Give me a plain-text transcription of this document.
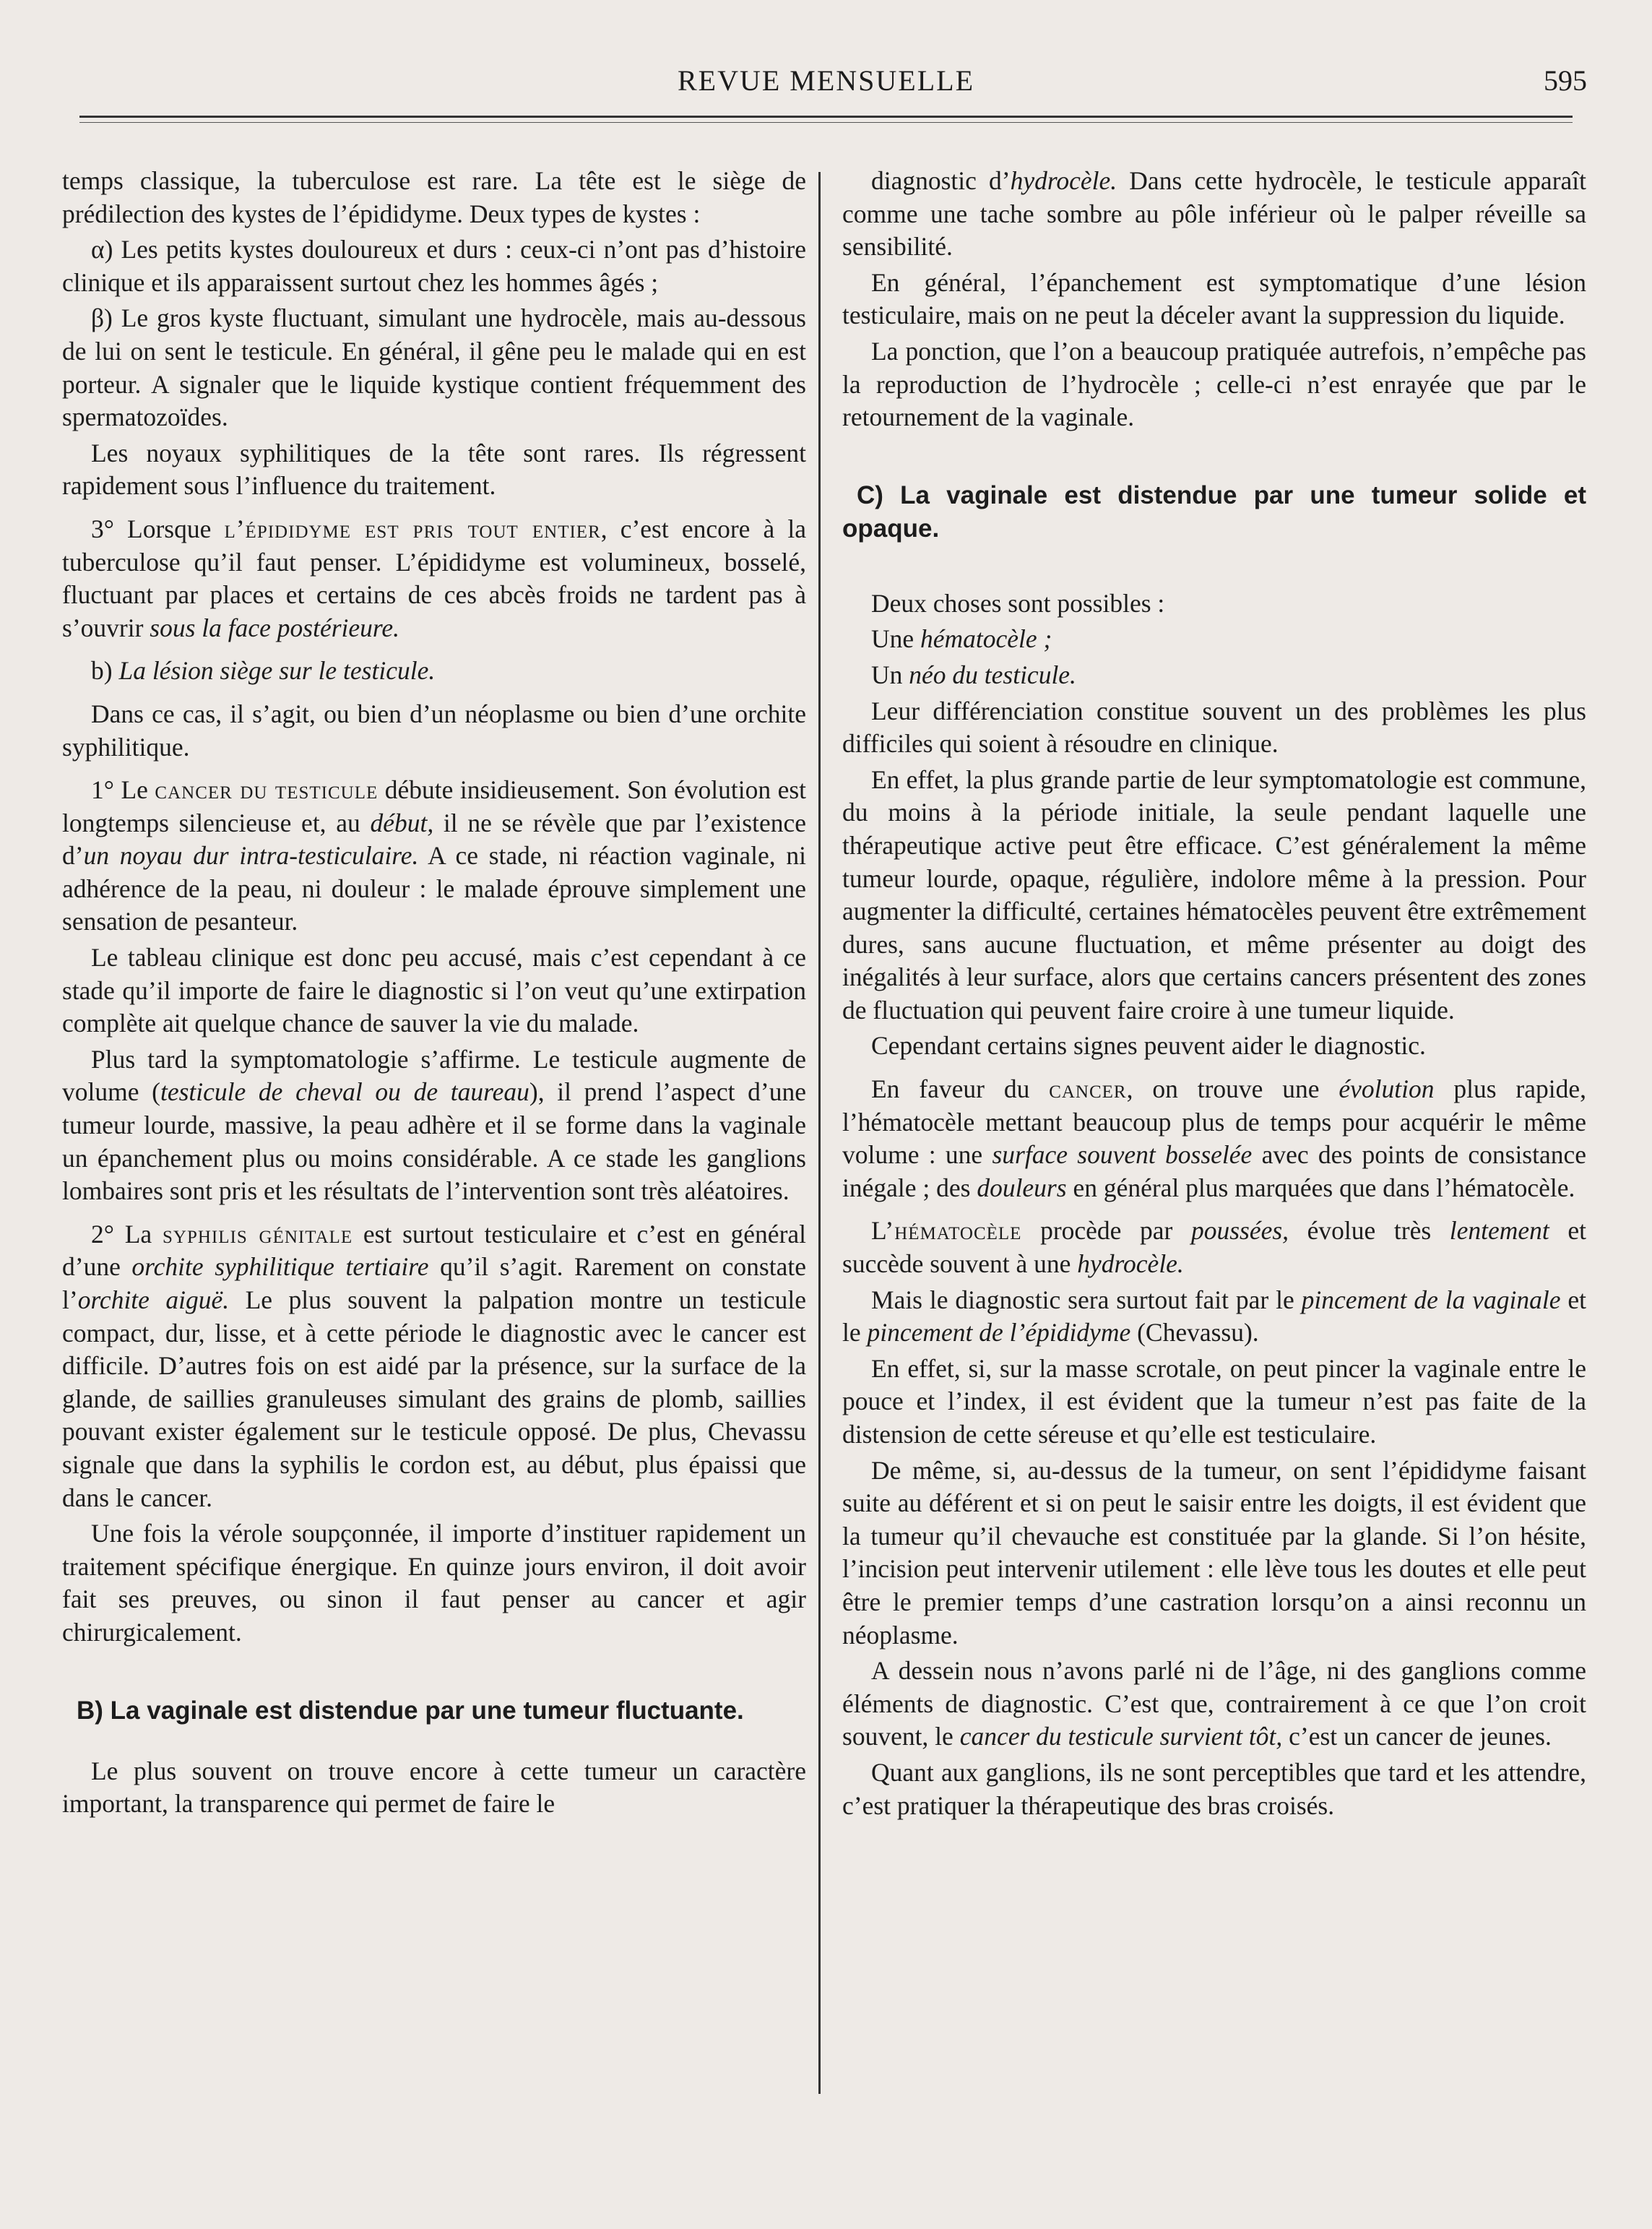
REVUE MENSUELLE	595

temps classique, la tuberculose est rare. La tête est le siège de prédilection des kystes de l’épididyme. Deux types de kystes :

α) Les petits kystes douloureux et durs : ceux-ci n’ont pas d’histoire clinique et ils apparaissent surtout chez les hommes âgés ;

β) Le gros kyste fluctuant, simulant une hydrocèle, mais au-dessous de lui on sent le testicule. En général, il gêne peu le malade qui en est porteur. A signaler que le liquide kystique contient fréquemment des spermatozoïdes.

Les noyaux syphilitiques de la tête sont rares. Ils régressent rapidement sous l’influence du traitement.

3° Lorsque l’épididyme est pris tout entier, c’est encore à la tuberculose qu’il faut penser. L’épididyme est volumineux, bosselé, fluctuant par places et certains de ces abcès froids ne tardent pas à s’ouvrir sous la face postérieure.

b) La lésion siège sur le testicule.

Dans ce cas, il s’agit, ou bien d’un néoplasme ou bien d’une orchite syphilitique.

1° Le cancer du testicule débute insidieusement. Son évolution est longtemps silencieuse et, au début, il ne se révèle que par l’existence d’un noyau dur intra-testiculaire. A ce stade, ni réaction vaginale, ni adhérence de la peau, ni douleur : le malade éprouve simplement une sensation de pesanteur.

Le tableau clinique est donc peu accusé, mais c’est cependant à ce stade qu’il importe de faire le diagnostic si l’on veut qu’une extirpation complète ait quelque chance de sauver la vie du malade.

Plus tard la symptomatologie s’affirme. Le testicule augmente de volume (testicule de cheval ou de taureau), il prend l’aspect d’une tumeur lourde, massive, la peau adhère et il se forme dans la vaginale un épanchement plus ou moins considérable. A ce stade les ganglions lombaires sont pris et les résultats de l’intervention sont très aléatoires.

2° La syphilis génitale est surtout testiculaire et c’est en général d’une orchite syphilitique tertiaire qu’il s’agit. Rarement on constate l’orchite aiguë. Le plus souvent la palpation montre un testicule compact, dur, lisse, et à cette période le diagnostic avec le cancer est difficile. D’autres fois on est aidé par la présence, sur la surface de la glande, de saillies granuleuses simulant des grains de plomb, saillies pouvant exister également sur le testicule opposé. De plus, Chevassu signale que dans la syphilis le cordon est, au début, plus épaissi que dans le cancer.

Une fois la vérole soupçonnée, il importe d’instituer rapidement un traitement spécifique énergique. En quinze jours environ, il doit avoir fait ses preuves, ou sinon il faut penser au cancer et agir chirurgicalement.

B) La vaginale est distendue par une tumeur fluctuante.

Le plus souvent on trouve encore à cette tumeur un caractère important, la transparence qui permet de faire le

diagnostic d’hydrocèle. Dans cette hydrocèle, le testicule apparaît comme une tache sombre au pôle inférieur où le palper réveille sa sensibilité.

En général, l’épanchement est symptomatique d’une lésion testiculaire, mais on ne peut la déceler avant la suppression du liquide.

La ponction, que l’on a beaucoup pratiquée autrefois, n’empêche pas la reproduction de l’hydrocèle ; celle-ci n’est enrayée que par le retournement de la vaginale.

C) La vaginale est distendue par une tumeur solide et opaque.

Deux choses sont possibles :

Une hématocèle ;

Un néo du testicule.

Leur différenciation constitue souvent un des problèmes les plus difficiles qui soient à résoudre en clinique.

En effet, la plus grande partie de leur symptomatologie est commune, du moins à la période initiale, la seule pendant laquelle une thérapeutique active peut être efficace. C’est généralement la même tumeur lourde, opaque, régulière, indolore même à la pression. Pour augmenter la difficulté, certaines hématocèles peuvent être extrêmement dures, sans aucune fluctuation, et même présenter au doigt des inégalités à leur surface, alors que certains cancers présentent des zones de fluctuation qui peuvent faire croire à une tumeur liquide.

Cependant certains signes peuvent aider le diagnostic.

En faveur du cancer, on trouve une évolution plus rapide, l’hématocèle mettant beaucoup plus de temps pour acquérir le même volume : une surface souvent bosselée avec des points de consistance inégale ; des douleurs en général plus marquées que dans l’hématocèle.

L’hématocèle procède par poussées, évolue très lentement et succède souvent à une hydrocèle.

Mais le diagnostic sera surtout fait par le pincement de la vaginale et le pincement de l’épididyme (Chevassu).

En effet, si, sur la masse scrotale, on peut pincer la vaginale entre le pouce et l’index, il est évident que la tumeur n’est pas faite de la distension de cette séreuse et qu’elle est testiculaire.

De même, si, au-dessus de la tumeur, on sent l’épididyme faisant suite au déférent et si on peut le saisir entre les doigts, il est évident que la tumeur qu’il chevauche est constituée par la glande. Si l’on hésite, l’incision peut intervenir utilement : elle lève tous les doutes et elle peut être le premier temps d’une castration lorsqu’on a ainsi reconnu un néoplasme.

A dessein nous n’avons parlé ni de l’âge, ni des ganglions comme éléments de diagnostic. C’est que, contrairement à ce que l’on croit souvent, le cancer du testicule survient tôt, c’est un cancer de jeunes.

Quant aux ganglions, ils ne sont perceptibles que tard et les attendre, c’est pratiquer la thérapeutique des bras croisés.
